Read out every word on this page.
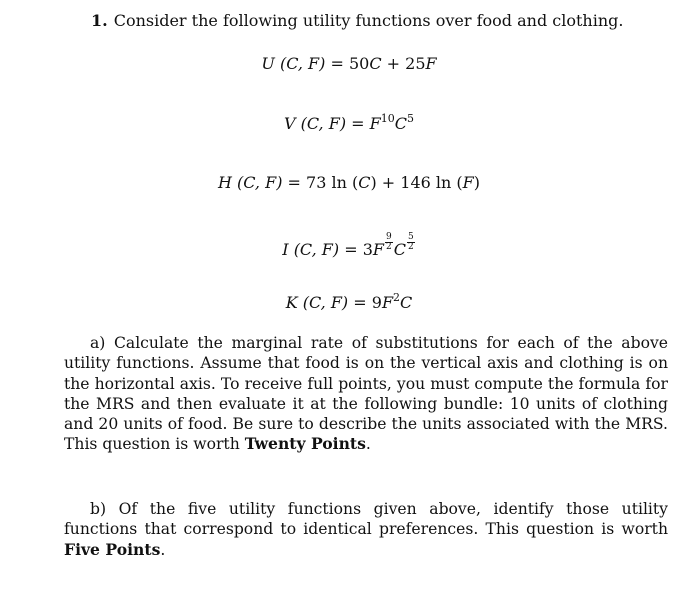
1. Consider the following utility functions over food and clothing.
U (C, F) = 50C + 25F
V (C, $F) = F^{10}C^5$
H (C, F) = 73 ln (C) + 146 ln (F)
I (C, $F) = 3F \frac{9}{2}$ C $\frac{5}{2}$
K (C, $F) = 9F^2C$
a) Calculate the marginal rate of substitutions for each of the above utility functions. Assume that food is on the vertical axis and clothing is on the horizontal axis. To receive full points, you must compute the formula for the MRS and then evaluate it at the following bundle: 10 units of clothing and 20 units of food. Be sure to describe the units associated with the MRS. This question is worth Twenty Points.
b) Of the five utility functions given above, identify those utility functions that correspond to identical preferences. This question is worth Five Points.
